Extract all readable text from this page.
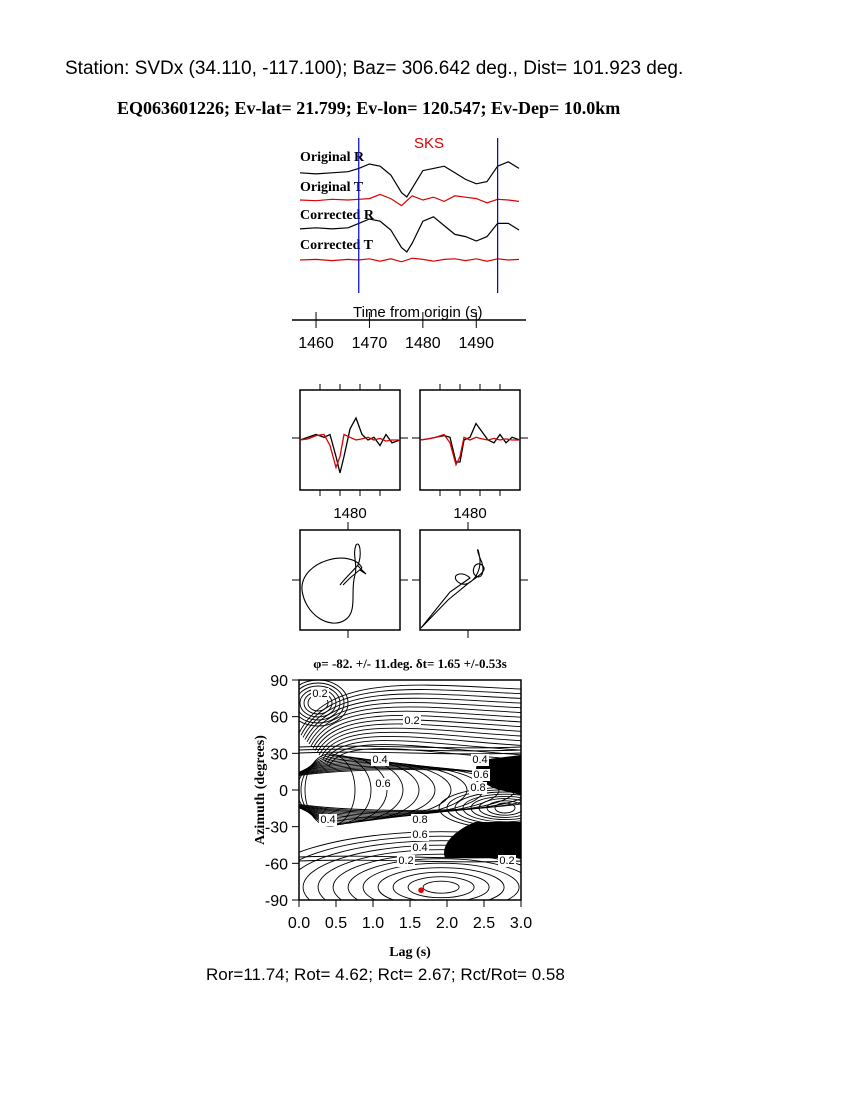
Station: SVDx (34.110, -117.100); Baz= 306.642 deg., Dist= 101.923 deg.
EQ063601226; Ev-lat= 21.799; Ev-lon= 120.547; Ev-Dep= 10.0km
SKS
Original R
Original T
Corrected R
Corrected T
Time from origin (s)
1460 1470 1480 1490
1480	1480
φ= -82. +/- 11.deg. δt= 1.65 +/-0.53s
0.2
0.2
0.4	0.4
0.6
0.6
0.8
0.8
0.4
0.6
0.4
0.2	0.2
0.0 0.5 1.0 1.5 2.0 2.5 3.0
90
60
30
0
-30
-60
-90
Lag (s)
Azimuth (degrees)
Ror=11.74; Rot= 4.62; Rct= 2.67; Rct/Rot= 0.58
